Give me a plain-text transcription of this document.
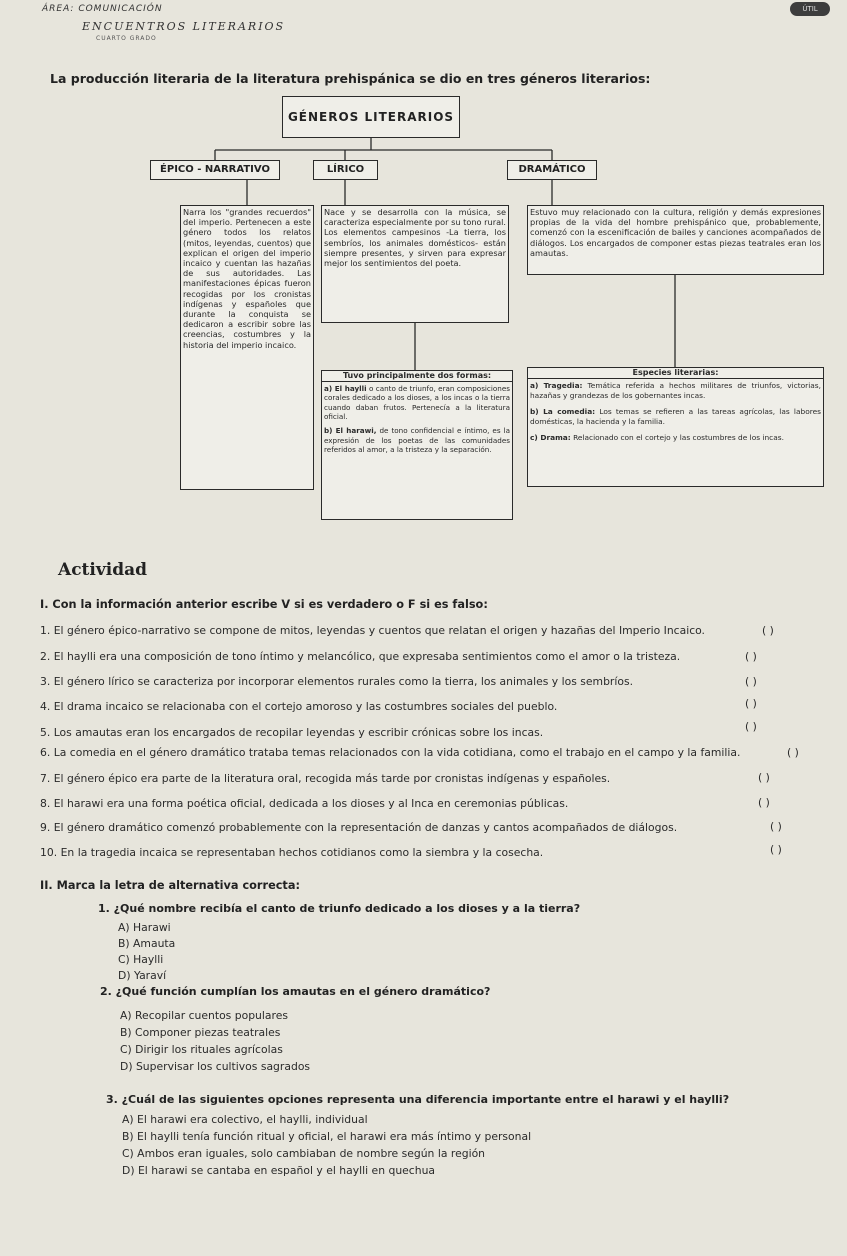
ÁREA: COMUNICACIÓN
ENCUENTROS LITERARIOS
CUARTO GRADO
ÚTIL
La producción literaria de la literatura prehispánica se dio en tres géneros literarios:
GÉNEROS LITERARIOS
ÉPICO - NARRATIVO	LÍRICO	DRAMÁTICO
Narra los "grandes recuerdos" del imperio. Pertenecen a este género todos los relatos (mitos, leyendas, cuentos) que explican el origen del imperio incaico y cuentan las hazañas de sus autoridades. Las manifestaciones épicas fueron recogidas por los cronistas indígenas y españoles que durante la conquista se dedicaron a escribir sobre las creencias, costumbres y la historia del imperio incaico.
Nace y se desarrolla con la música, se caracteriza especialmente por su tono rural. Los elementos campesinos -La tierra, los sembríos, los animales domésticos- están siempre presentes, y sirven para expresar mejor los sentimientos del poeta.
Tuvo principalmente dos formas:
a) El haylli o canto de triunfo, eran composiciones corales dedicado a los dioses, a los incas o la tierra cuando daban frutos. Pertenecía a la literatura oficial.
b) El harawi, de tono confidencial e íntimo, es la expresión de los poetas de las comunidades referidos al amor, a la tristeza y la separación.
Estuvo muy relacionado con la cultura, religión y demás expresiones propias de la vida del hombre prehispánico que, probablemente, comenzó con la escenificación de bailes y canciones acompañados de diálogos. Los encargados de componer estas piezas teatrales eran los amautas.
Especies literarias:
a) Tragedia: Temática referida a hechos militares de triunfos, victorias, hazañas y grandezas de los gobernantes incas.
b) La comedia: Los temas se refieren a las tareas agrícolas, las labores domésticas, la hacienda y la familia.
c) Drama: Relacionado con el cortejo y las costumbres de los incas.
Actividad
I. Con la información anterior escribe V si es verdadero o F si es falso:
1. El género épico-narrativo se compone de mitos, leyendas y cuentos que relatan el origen y hazañas del Imperio Incaico.	( )
2. El haylli era una composición de tono íntimo y melancólico, que expresaba sentimientos como el amor o la tristeza.	( )
3. El género lírico se caracteriza por incorporar elementos rurales como la tierra, los animales y los sembríos.	( )
4. El drama incaico se relacionaba con el cortejo amoroso y las costumbres sociales del pueblo.	( )
5. Los amautas eran los encargados de recopilar leyendas y escribir crónicas sobre los incas.	( )
6. La comedia en el género dramático trataba temas relacionados con la vida cotidiana, como el trabajo en el campo y la familia.	( )
7. El género épico era parte de la literatura oral, recogida más tarde por cronistas indígenas y españoles.	( )
8. El harawi era una forma poética oficial, dedicada a los dioses y al Inca en ceremonias públicas.	( )
9. El género dramático comenzó probablemente con la representación de danzas y cantos acompañados de diálogos.	( )
10. En la tragedia incaica se representaban hechos cotidianos como la siembra y la cosecha.	( )
II. Marca la letra de alternativa correcta:
1. ¿Qué nombre recibía el canto de triunfo dedicado a los dioses y a la tierra?
A) Harawi
B) Amauta
C) Haylli
D) Yaraví
2. ¿Qué función cumplían los amautas en el género dramático?
A) Recopilar cuentos populares
B) Componer piezas teatrales
C) Dirigir los rituales agrícolas
D) Supervisar los cultivos sagrados
3. ¿Cuál de las siguientes opciones representa una diferencia importante entre el harawi y el haylli?
A) El harawi era colectivo, el haylli, individual
B) El haylli tenía función ritual y oficial, el harawi era más íntimo y personal
C) Ambos eran iguales, solo cambiaban de nombre según la región
D) El harawi se cantaba en español y el haylli en quechua
